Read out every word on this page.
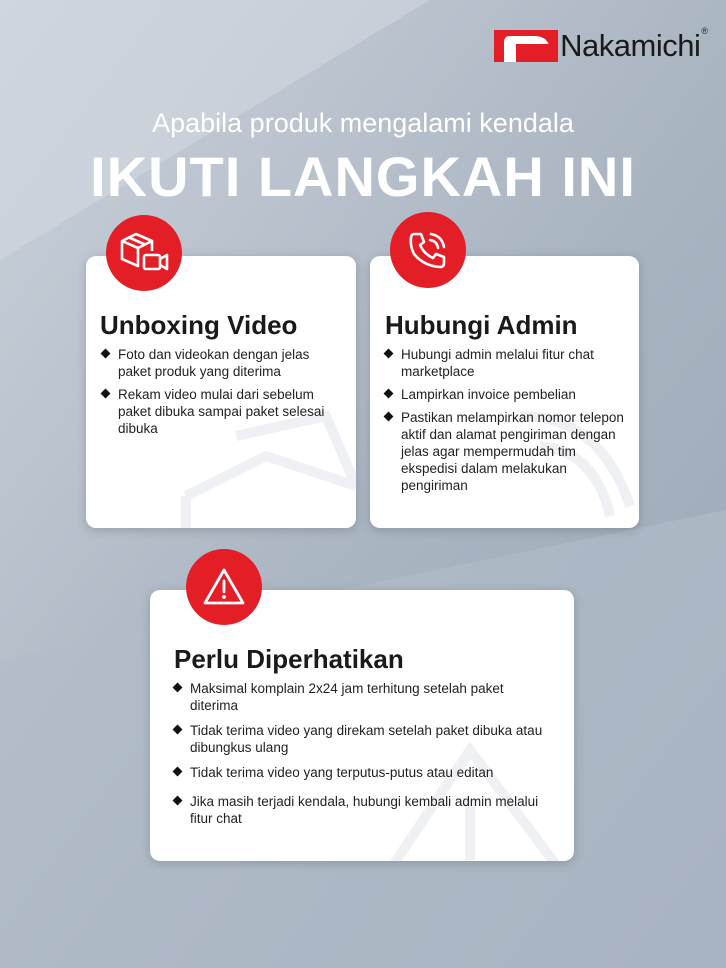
Nakamichi ®
Apabila produk mengalami kendala
IKUTI LANGKAH INI
Unboxing Video
Foto dan videokan dengan jelas paket produk yang diterima
Rekam video mulai dari sebelum paket dibuka sampai paket selesai dibuka
Hubungi Admin
Hubungi admin melalui fitur chat marketplace
Lampirkan invoice pembelian
Pastikan melampirkan nomor telepon aktif dan alamat pengiriman dengan jelas agar mempermudah tim ekspedisi dalam melakukan pengiriman
Perlu Diperhatikan
Maksimal komplain 2x24 jam terhitung setelah paket diterima
Tidak terima video yang direkam setelah paket dibuka atau dibungkus ulang
Tidak terima video yang terputus-putus atau editan
Jika masih terjadi kendala, hubungi kembali admin melalui fitur chat
